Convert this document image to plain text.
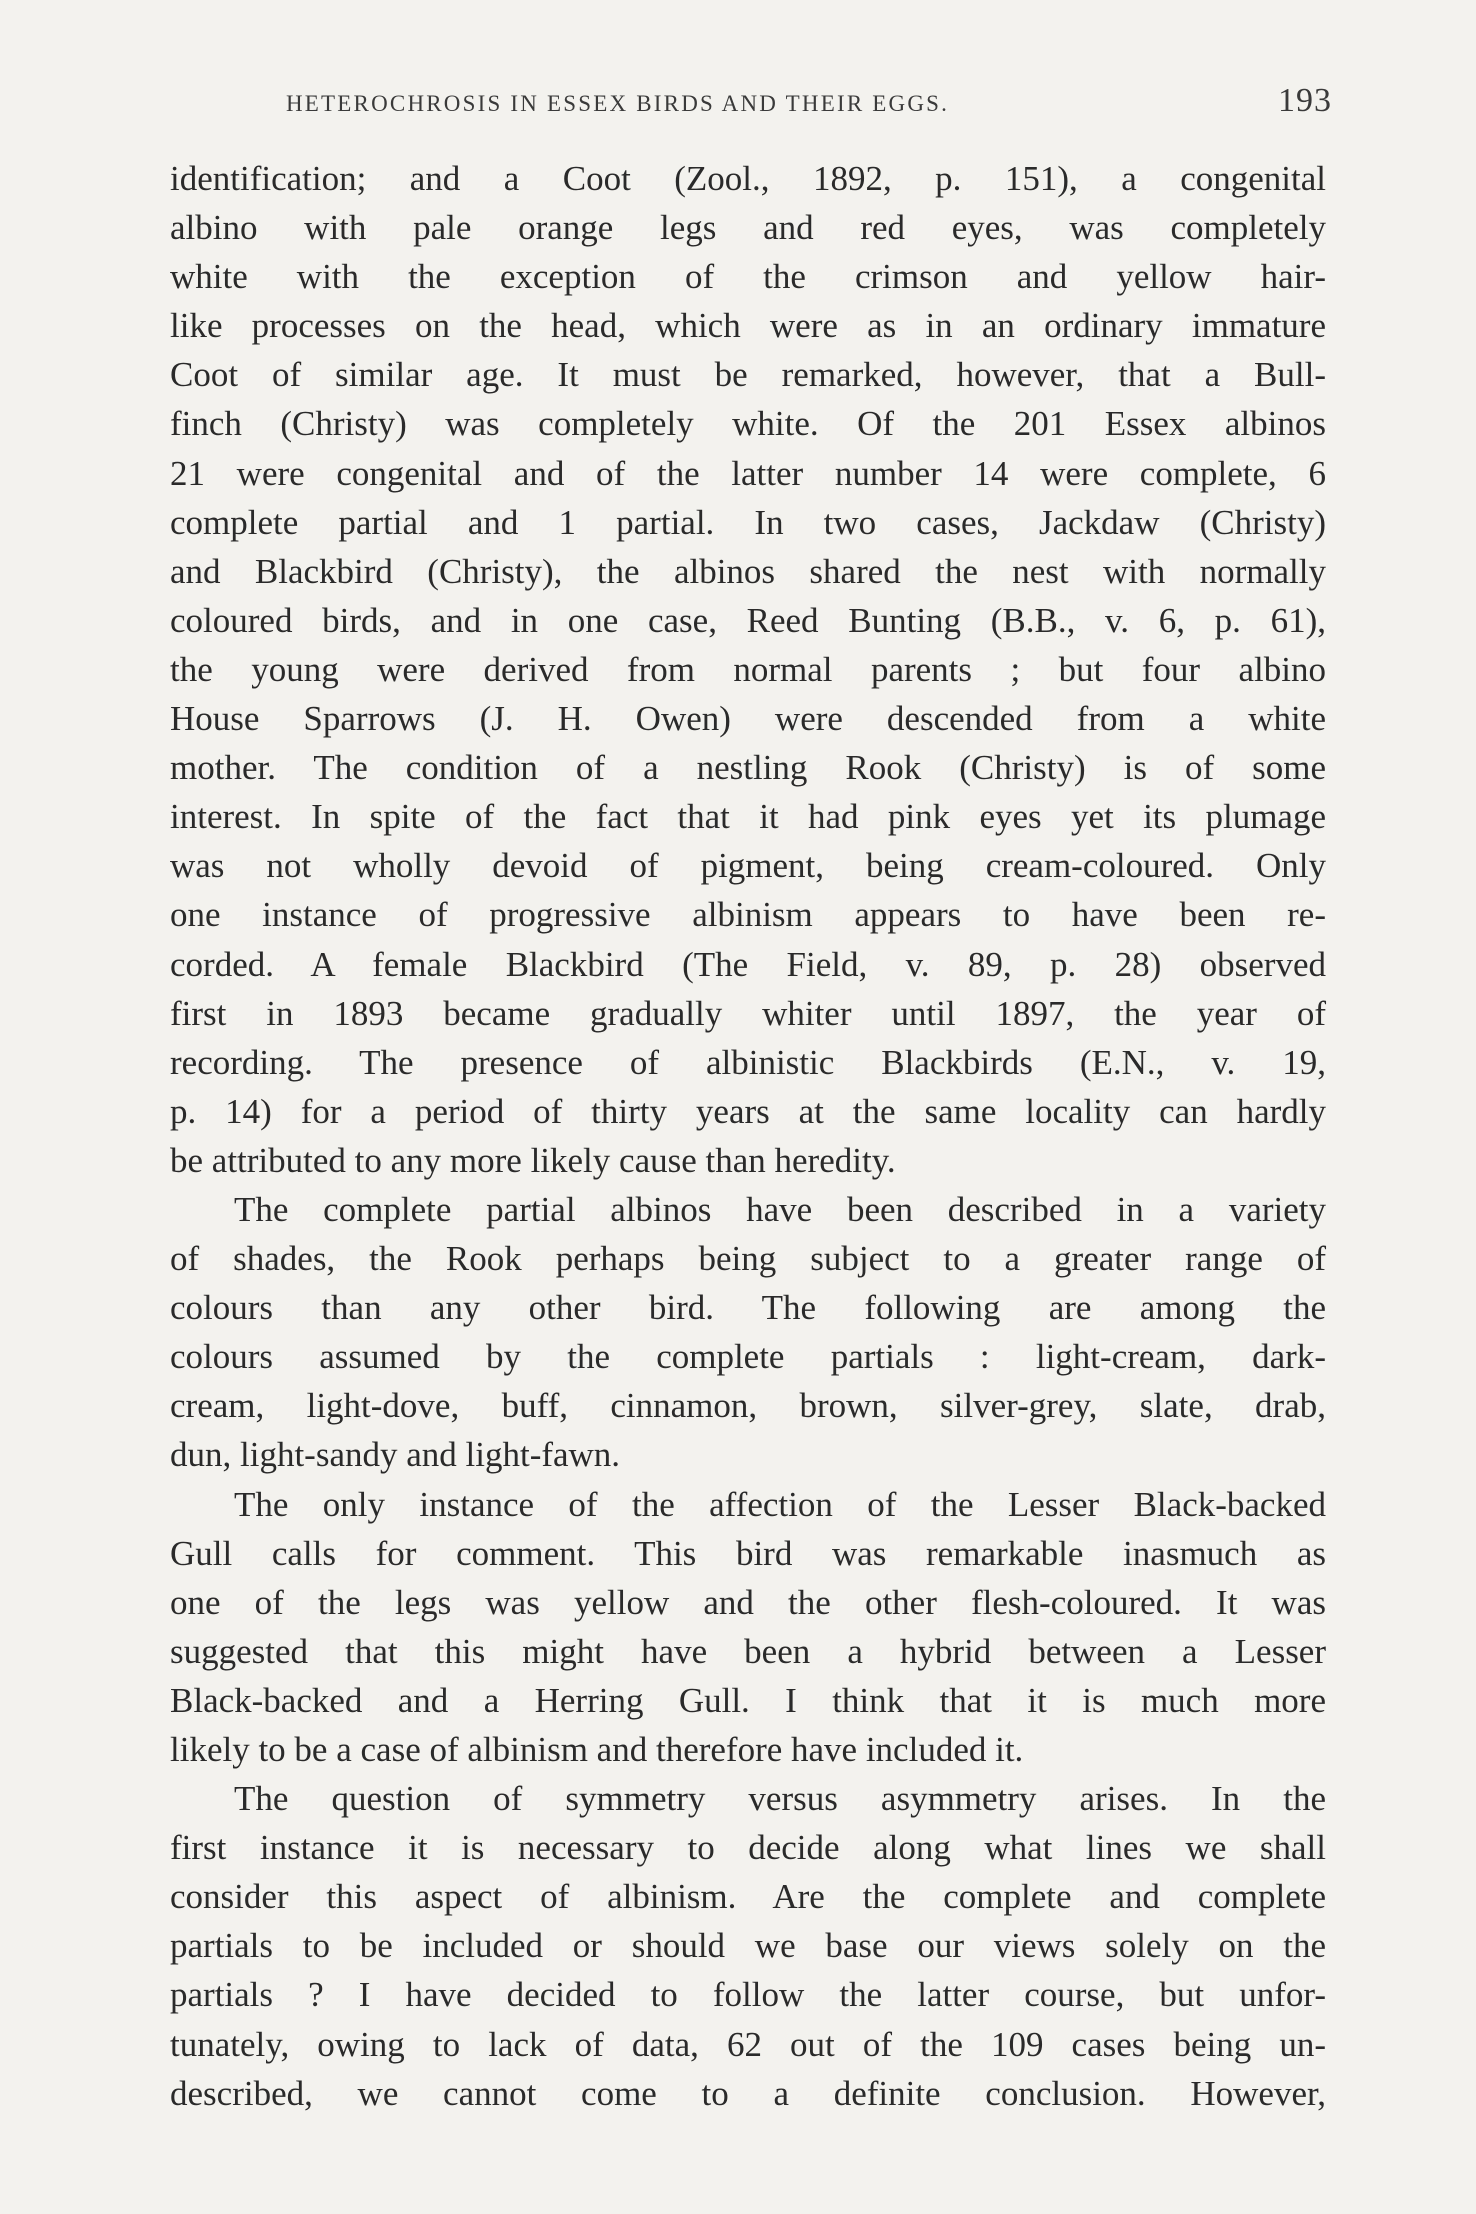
HETEROCHROSIS IN ESSEX BIRDS AND THEIR EGGS.	193

identification; and a Coot (Zool., 1892, p. 151), a congenital
albino with pale orange legs and red eyes, was completely
white with the exception of the crimson and yellow hair-
like processes on the head, which were as in an ordinary immature
Coot of similar age. It must be remarked, however, that a Bull-
finch (Christy) was completely white. Of the 201 Essex albinos
21 were congenital and of the latter number 14 were complete, 6
complete partial and 1 partial. In two cases, Jackdaw (Christy)
and Blackbird (Christy), the albinos shared the nest with normally
coloured birds, and in one case, Reed Bunting (B.B., v. 6, p. 61),
the young were derived from normal parents ; but four albino
House Sparrows (J. H. Owen) were descended from a white
mother. The condition of a nestling Rook (Christy) is of some
interest. In spite of the fact that it had pink eyes yet its plumage
was not wholly devoid of pigment, being cream-coloured. Only
one instance of progressive albinism appears to have been re-
corded. A female Blackbird (The Field, v. 89, p. 28) observed
first in 1893 became gradually whiter until 1897, the year of
recording. The presence of albinistic Blackbirds (E.N., v. 19,
p. 14) for a period of thirty years at the same locality can hardly
be attributed to any more likely cause than heredity.

The complete partial albinos have been described in a variety
of shades, the Rook perhaps being subject to a greater range of
colours than any other bird. The following are among the
colours assumed by the complete partials : light-cream, dark-
cream, light-dove, buff, cinnamon, brown, silver-grey, slate, drab,
dun, light-sandy and light-fawn.

The only instance of the affection of the Lesser Black-backed
Gull calls for comment. This bird was remarkable inasmuch as
one of the legs was yellow and the other flesh-coloured. It was
suggested that this might have been a hybrid between a Lesser
Black-backed and a Herring Gull. I think that it is much more
likely to be a case of albinism and therefore have included it.

The question of symmetry versus asymmetry arises. In the
first instance it is necessary to decide along what lines we shall
consider this aspect of albinism. Are the complete and complete
partials to be included or should we base our views solely on the
partials ? I have decided to follow the latter course, but unfor-
tunately, owing to lack of data, 62 out of the 109 cases being un-
described, we cannot come to a definite conclusion. However,
